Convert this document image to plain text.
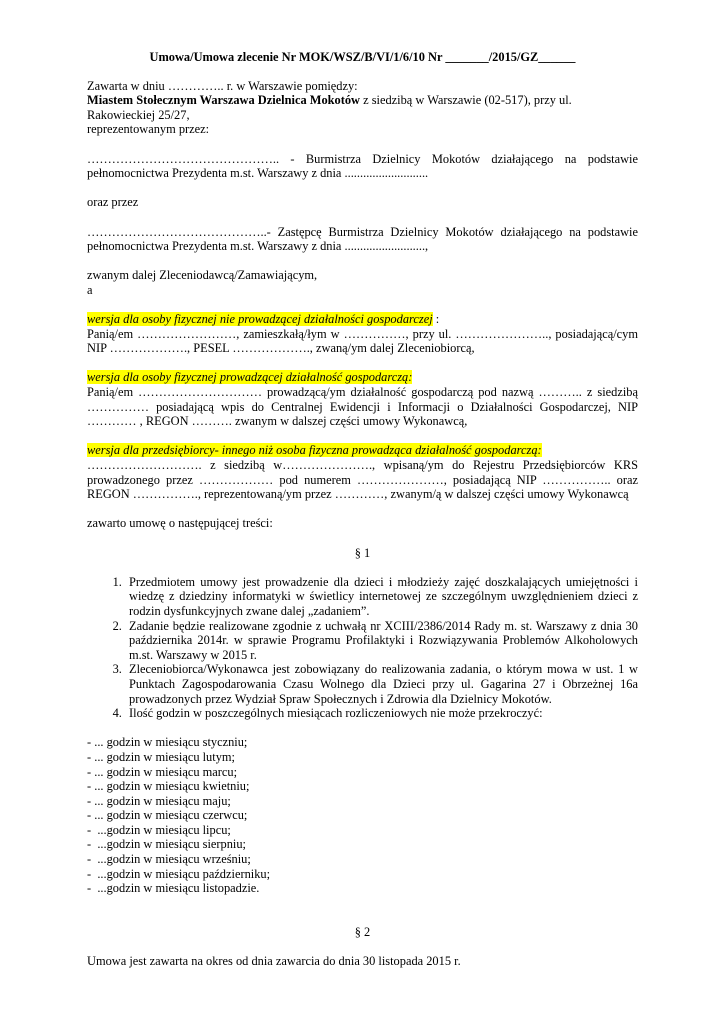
Umowa/Umowa zlecenie Nr MOK/WSZ/B/VI/1/6/10 Nr _______/2015/GZ______

Zawarta w dniu ………….. r. w Warszawie pomiędzy:

Miastem Stołecznym Warszawa Dzielnica Mokotów z siedzibą w Warszawie (02-517), przy ul. Rakowieckiej 25/27,

reprezentowanym przez:

……………………………………….. - Burmistrza Dzielnicy Mokotów działającego na podstawie pełnomocnictwa Prezydenta m.st. Warszawy z dnia ...........................

oraz przez

……………………………………..- Zastępcę Burmistrza Dzielnicy Mokotów działającego na podstawie pełnomocnictwa Prezydenta m.st. Warszawy z dnia ..........................,

zwanym dalej Zleceniodawcą/Zamawiającym,

a

wersja dla osoby fizycznej nie prowadzącej działalności gospodarczej :

Panią/em ……………………, zamieszkałą/łym w ……………, przy ul. ………………….., posiadającą/cym NIP ………………., PESEL ………………., zwaną/ym dalej Zleceniobiorcą,

wersja dla osoby fizycznej prowadzącej działalność gospodarczą:

Panią/em ………………………… prowadzącą/ym działalność gospodarczą pod nazwą ……….. z siedzibą …………… posiadającą wpis do Centralnej Ewidencji i Informacji o Działalności Gospodarczej, NIP ………… , REGON ………. zwanym w dalszej części umowy Wykonawcą,

wersja dla przedsiębiorcy- innego niż osoba fizyczna prowadząca działalność gospodarczą:

………………………. z siedzibą w…………………., wpisaną/ym do Rejestru Przedsiębiorców KRS prowadzonego przez ……………… pod numerem …………………, posiadającą NIP …………….. oraz REGON ……………., reprezentowaną/ym przez …………, zwanym/ą w dalszej części umowy Wykonawcą

zawarto umowę o następującej treści:

§ 1

1. Przedmiotem umowy jest prowadzenie dla dzieci i młodzieży zajęć doszkalających umiejętności i wiedzę z dziedziny informatyki w świetlicy internetowej ze szczególnym uwzględnieniem dzieci z rodzin dysfunkcyjnych zwane dalej „zadaniem”.
2. Zadanie będzie realizowane zgodnie z uchwałą nr XCIII/2386/2014 Rady m. st. Warszawy z dnia 30 października 2014r. w sprawie Programu Profilaktyki i Rozwiązywania Problemów Alkoholowych m.st. Warszawy w 2015 r.
3. Zleceniobiorca/Wykonawca jest zobowiązany do realizowania zadania, o którym mowa w ust. 1 w Punktach Zagospodarowania Czasu Wolnego dla Dzieci przy ul. Gagarina 27 i Obrzeżnej 16a prowadzonych przez Wydział Spraw Społecznych i Zdrowia dla Dzielnicy Mokotów.
4. Ilość godzin w poszczególnych miesiącach rozliczeniowych nie może przekroczyć:
- ... godzin w miesiącu styczniu;
- ... godzin w miesiącu lutym;
- ... godzin w miesiącu marcu;
- ... godzin w miesiącu kwietniu;
- ... godzin w miesiącu maju;
- ... godzin w miesiącu czerwcu;
-  ...godzin w miesiącu lipcu;
-  ...godzin w miesiącu sierpniu;
-  ...godzin w miesiącu wrześniu;
-  ...godzin w miesiącu październiku;
-  ...godzin w miesiącu listopadzie.

§ 2

Umowa jest zawarta na okres od dnia zawarcia do dnia 30 listopada 2015 r.
